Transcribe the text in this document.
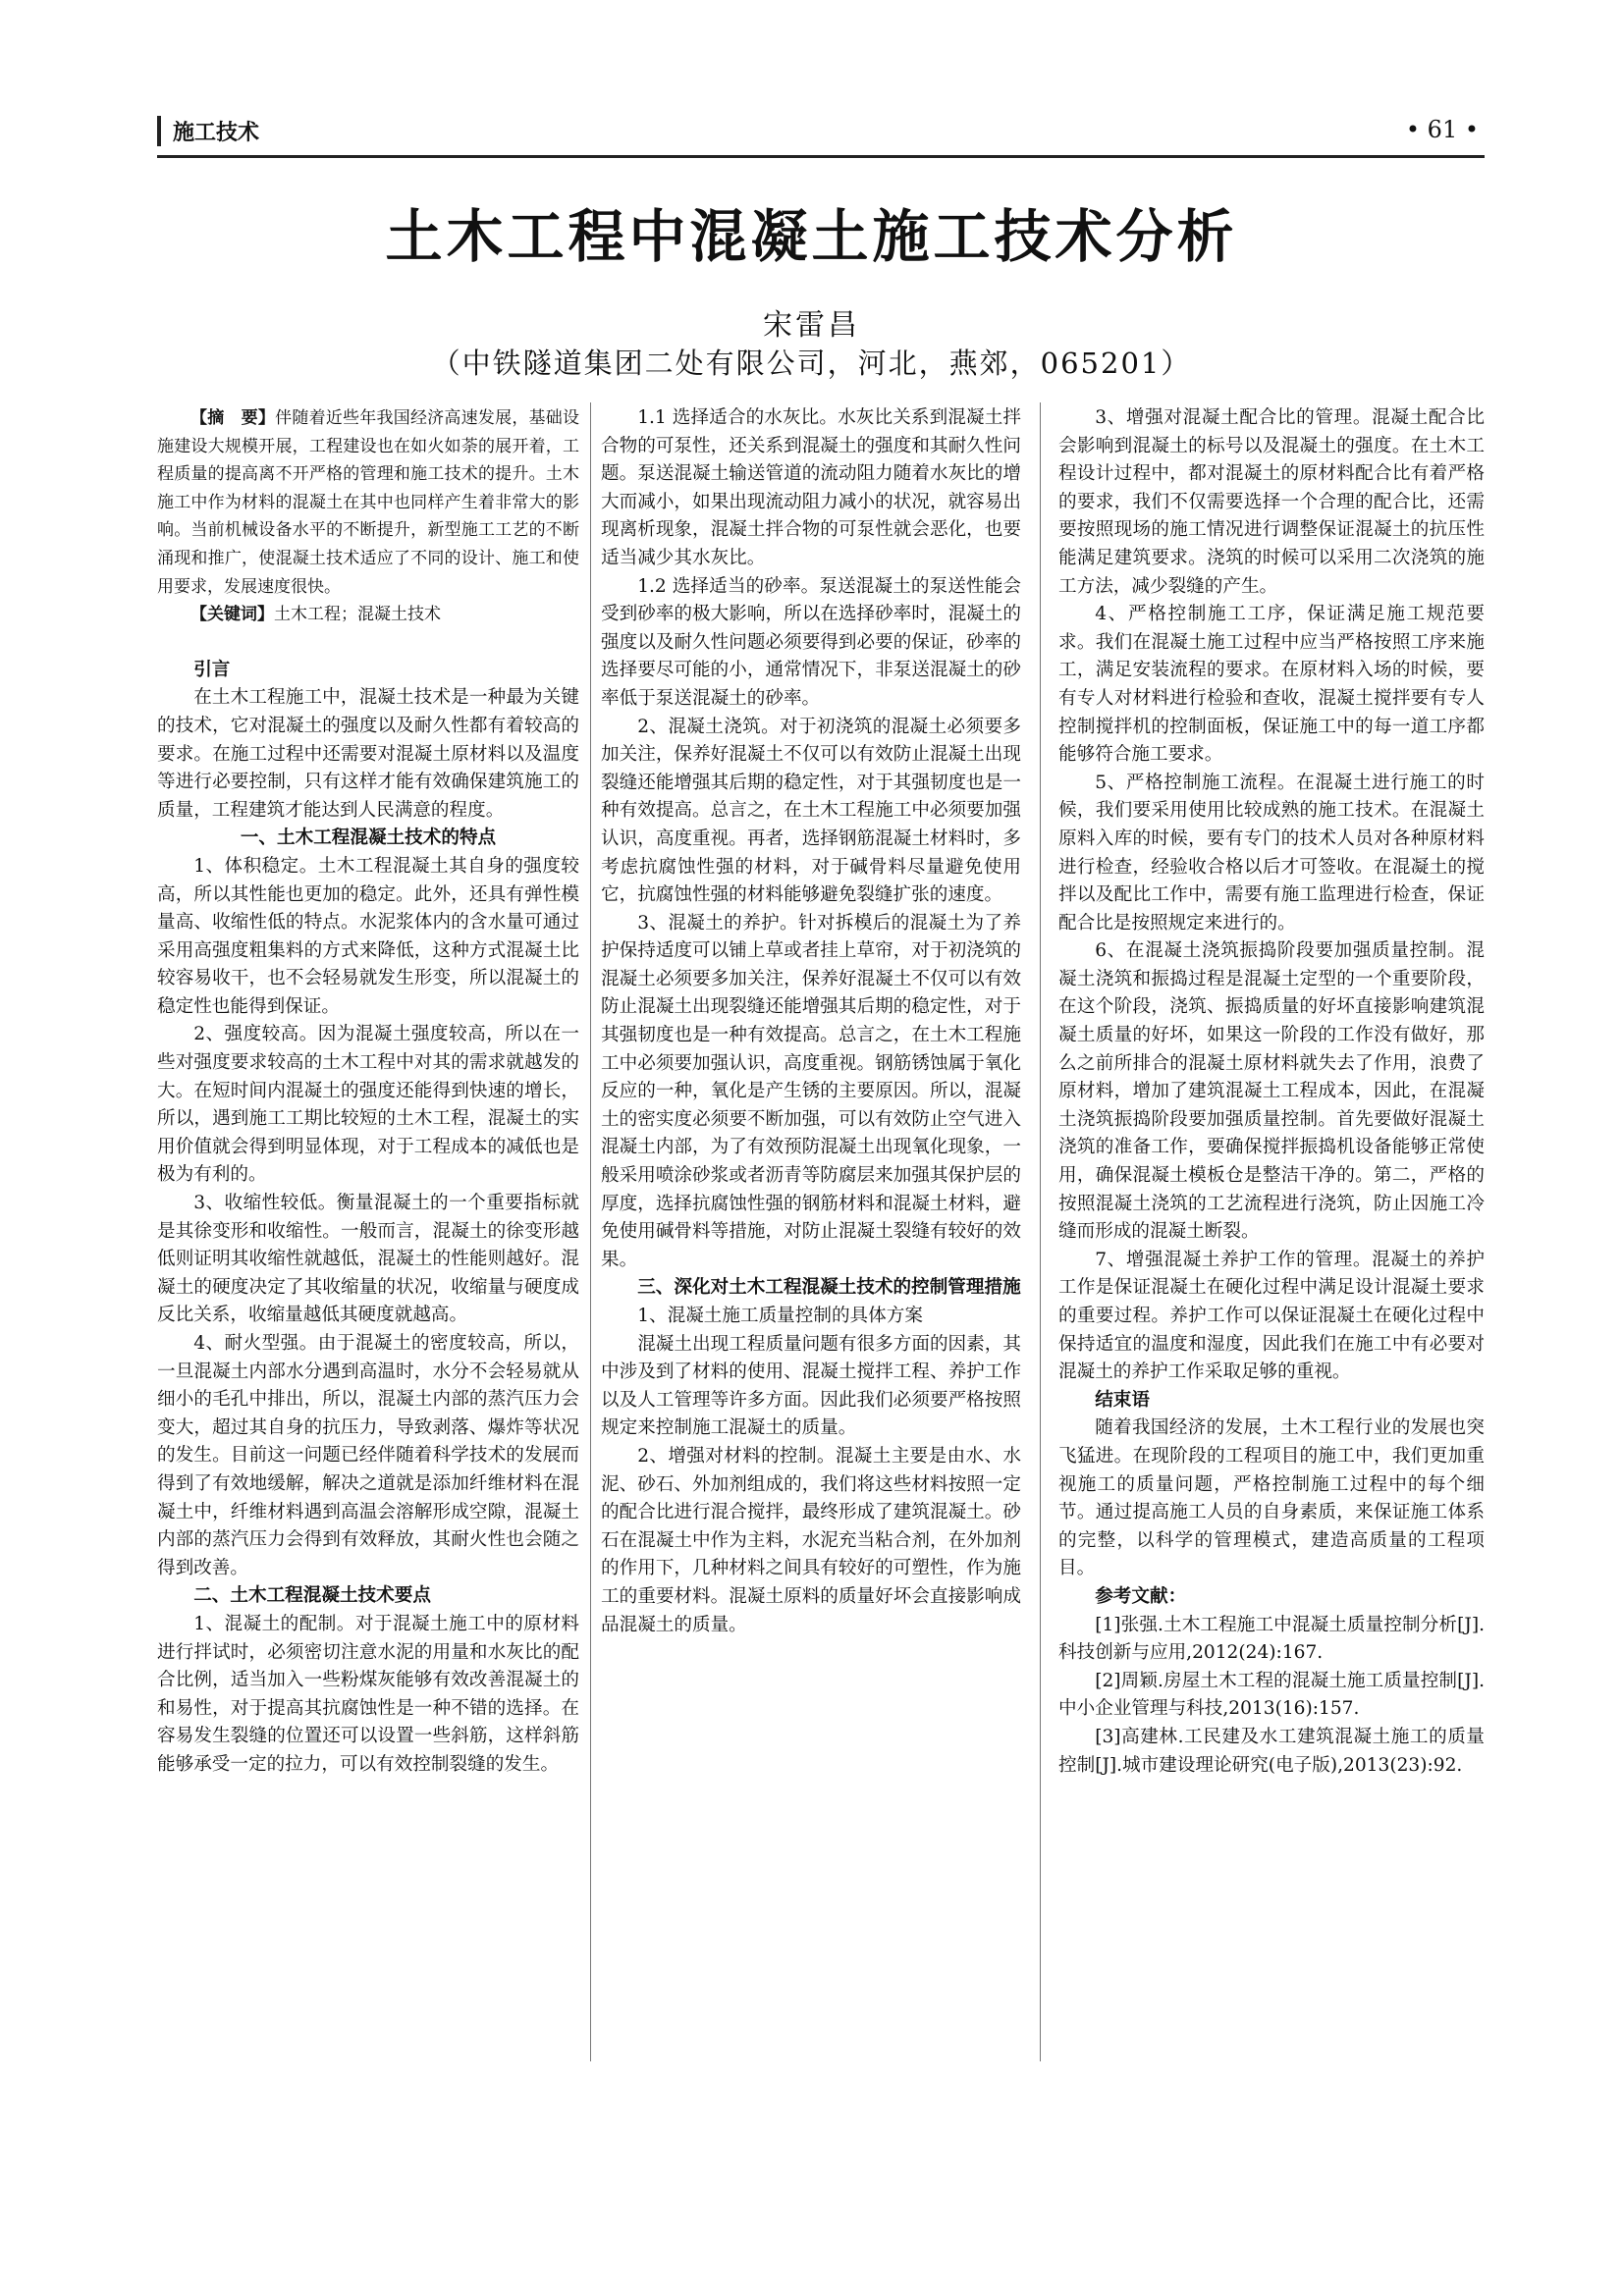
施工技术	• 61 •
土木工程中混凝土施工技术分析
宋雷昌
（中铁隧道集团二处有限公司，河北，燕郊，065201）

【摘　要】伴随着近些年我国经济高速发展，基础设施建设大规模开展，工程建设也在如火如荼的展开着，工程质量的提高离不开严格的管理和施工技术的提升。土木施工中作为材料的混凝土在其中也同样产生着非常大的影响。当前机械设备水平的不断提升，新型施工工艺的不断涌现和推广，使混凝土技术适应了不同的设计、施工和使用要求，发展速度很快。

【关键词】土木工程；混凝土技术

引言

在土木工程施工中，混凝土技术是一种最为关键的技术，它对混凝土的强度以及耐久性都有着较高的要求。在施工过程中还需要对混凝土原材料以及温度等进行必要控制，只有这样才能有效确保建筑施工的质量，工程建筑才能达到人民满意的程度。

一、土木工程混凝土技术的特点

1、体积稳定。土木工程混凝土其自身的强度较高，所以其性能也更加的稳定。此外，还具有弹性模量高、收缩性低的特点。水泥浆体内的含水量可通过采用高强度粗集料的方式来降低，这种方式混凝土比较容易收干，也不会轻易就发生形变，所以混凝土的稳定性也能得到保证。

2、强度较高。因为混凝土强度较高，所以在一些对强度要求较高的土木工程中对其的需求就越发的大。在短时间内混凝土的强度还能得到快速的增长，所以，遇到施工工期比较短的土木工程，混凝土的实用价值就会得到明显体现，对于工程成本的减低也是极为有利的。

3、收缩性较低。衡量混凝土的一个重要指标就是其徐变形和收缩性。一般而言，混凝土的徐变形越低则证明其收缩性就越低，混凝土的性能则越好。混凝土的硬度决定了其收缩量的状况，收缩量与硬度成反比关系，收缩量越低其硬度就越高。

4、耐火型强。由于混凝土的密度较高，所以，一旦混凝土内部水分遇到高温时，水分不会轻易就从细小的毛孔中排出，所以，混凝土内部的蒸汽压力会变大，超过其自身的抗压力，导致剥落、爆炸等状况的发生。目前这一问题已经伴随着科学技术的发展而得到了有效地缓解，解决之道就是添加纤维材料在混凝土中，纤维材料遇到高温会溶解形成空隙，混凝土内部的蒸汽压力会得到有效释放，其耐火性也会随之得到改善。

二、土木工程混凝土技术要点

1、混凝土的配制。对于混凝土施工中的原材料进行拌试时，必须密切注意水泥的用量和水灰比的配合比例，适当加入一些粉煤灰能够有效改善混凝土的和易性，对于提高其抗腐蚀性是一种不错的选择。在容易发生裂缝的位置还可以设置一些斜筋，这样斜筋能够承受一定的拉力，可以有效控制裂缝的发生。

1.1 选择适合的水灰比。水灰比关系到混凝土拌合物的可泵性，还关系到混凝土的强度和其耐久性问题。泵送混凝土输送管道的流动阻力随着水灰比的增大而减小，如果出现流动阻力减小的状况，就容易出现离析现象，混凝土拌合物的可泵性就会恶化，也要适当减少其水灰比。

1.2 选择适当的砂率。泵送混凝土的泵送性能会受到砂率的极大影响，所以在选择砂率时，混凝土的强度以及耐久性问题必须要得到必要的保证，砂率的选择要尽可能的小，通常情况下，非泵送混凝土的砂率低于泵送混凝土的砂率。

2、混凝土浇筑。对于初浇筑的混凝土必须要多加关注，保养好混凝土不仅可以有效防止混凝土出现裂缝还能增强其后期的稳定性，对于其强韧度也是一种有效提高。总言之，在土木工程施工中必须要加强认识，高度重视。再者，选择钢筋混凝土材料时，多考虑抗腐蚀性强的材料，对于碱骨料尽量避免使用它，抗腐蚀性强的材料能够避免裂缝扩张的速度。

3、混凝土的养护。针对拆模后的混凝土为了养护保持适度可以铺上草或者挂上草帘，对于初浇筑的混凝土必须要多加关注，保养好混凝土不仅可以有效防止混凝土出现裂缝还能增强其后期的稳定性，对于其强韧度也是一种有效提高。总言之，在土木工程施工中必须要加强认识，高度重视。钢筋锈蚀属于氧化反应的一种，氧化是产生锈的主要原因。所以，混凝土的密实度必须要不断加强，可以有效防止空气进入混凝土内部，为了有效预防混凝土出现氧化现象，一般采用喷涂砂浆或者沥青等防腐层来加强其保护层的厚度，选择抗腐蚀性强的钢筋材料和混凝土材料，避免使用碱骨料等措施，对防止混凝土裂缝有较好的效果。

三、深化对土木工程混凝土技术的控制管理措施

1、混凝土施工质量控制的具体方案

混凝土出现工程质量问题有很多方面的因素，其中涉及到了材料的使用、混凝土搅拌工程、养护工作以及人工管理等许多方面。因此我们必须要严格按照规定来控制施工混凝土的质量。

2、增强对材料的控制。混凝土主要是由水、水泥、砂石、外加剂组成的，我们将这些材料按照一定的配合比进行混合搅拌，最终形成了建筑混凝土。砂石在混凝土中作为主料，水泥充当粘合剂，在外加剂的作用下，几种材料之间具有较好的可塑性，作为施工的重要材料。混凝土原料的质量好坏会直接影响成品混凝土的质量。

3、增强对混凝土配合比的管理。混凝土配合比会影响到混凝土的标号以及混凝土的强度。在土木工程设计过程中，都对混凝土的原材料配合比有着严格的要求，我们不仅需要选择一个合理的配合比，还需要按照现场的施工情况进行调整保证混凝土的抗压性能满足建筑要求。浇筑的时候可以采用二次浇筑的施工方法，减少裂缝的产生。

4、严格控制施工工序，保证满足施工规范要求。我们在混凝土施工过程中应当严格按照工序来施工，满足安装流程的要求。在原材料入场的时候，要有专人对材料进行检验和查收，混凝土搅拌要有专人控制搅拌机的控制面板，保证施工中的每一道工序都能够符合施工要求。

5、严格控制施工流程。在混凝土进行施工的时候，我们要采用使用比较成熟的施工技术。在混凝土原料入库的时候，要有专门的技术人员对各种原材料进行检查，经验收合格以后才可签收。在混凝土的搅拌以及配比工作中，需要有施工监理进行检查，保证配合比是按照规定来进行的。

6、在混凝土浇筑振捣阶段要加强质量控制。混凝土浇筑和振捣过程是混凝土定型的一个重要阶段，在这个阶段，浇筑、振捣质量的好坏直接影响建筑混凝土质量的好坏，如果这一阶段的工作没有做好，那么之前所排合的混凝土原材料就失去了作用，浪费了原材料，增加了建筑混凝土工程成本，因此，在混凝土浇筑振捣阶段要加强质量控制。首先要做好混凝土浇筑的准备工作，要确保搅拌振捣机设备能够正常使用，确保混凝土模板仓是整洁干净的。第二，严格的按照混凝土浇筑的工艺流程进行浇筑，防止因施工冷缝而形成的混凝土断裂。

7、增强混凝土养护工作的管理。混凝土的养护工作是保证混凝土在硬化过程中满足设计混凝土要求的重要过程。养护工作可以保证混凝土在硬化过程中保持适宜的温度和湿度，因此我们在施工中有必要对混凝土的养护工作采取足够的重视。

结束语

随着我国经济的发展，土木工程行业的发展也突飞猛进。在现阶段的工程项目的施工中，我们更加重视施工的质量问题，严格控制施工过程中的每个细节。通过提高施工人员的自身素质，来保证施工体系的完整，以科学的管理模式，建造高质量的工程项目。

参考文献：

[1]张强.土木工程施工中混凝土质量控制分析[J].科技创新与应用,2012(24):167.

[2]周颖.房屋土木工程的混凝土施工质量控制[J].中小企业管理与科技,2013(16):157.

[3]高建林.工民建及水工建筑混凝土施工的质量控制[J].城市建设理论研究(电子版),2013(23):92.
